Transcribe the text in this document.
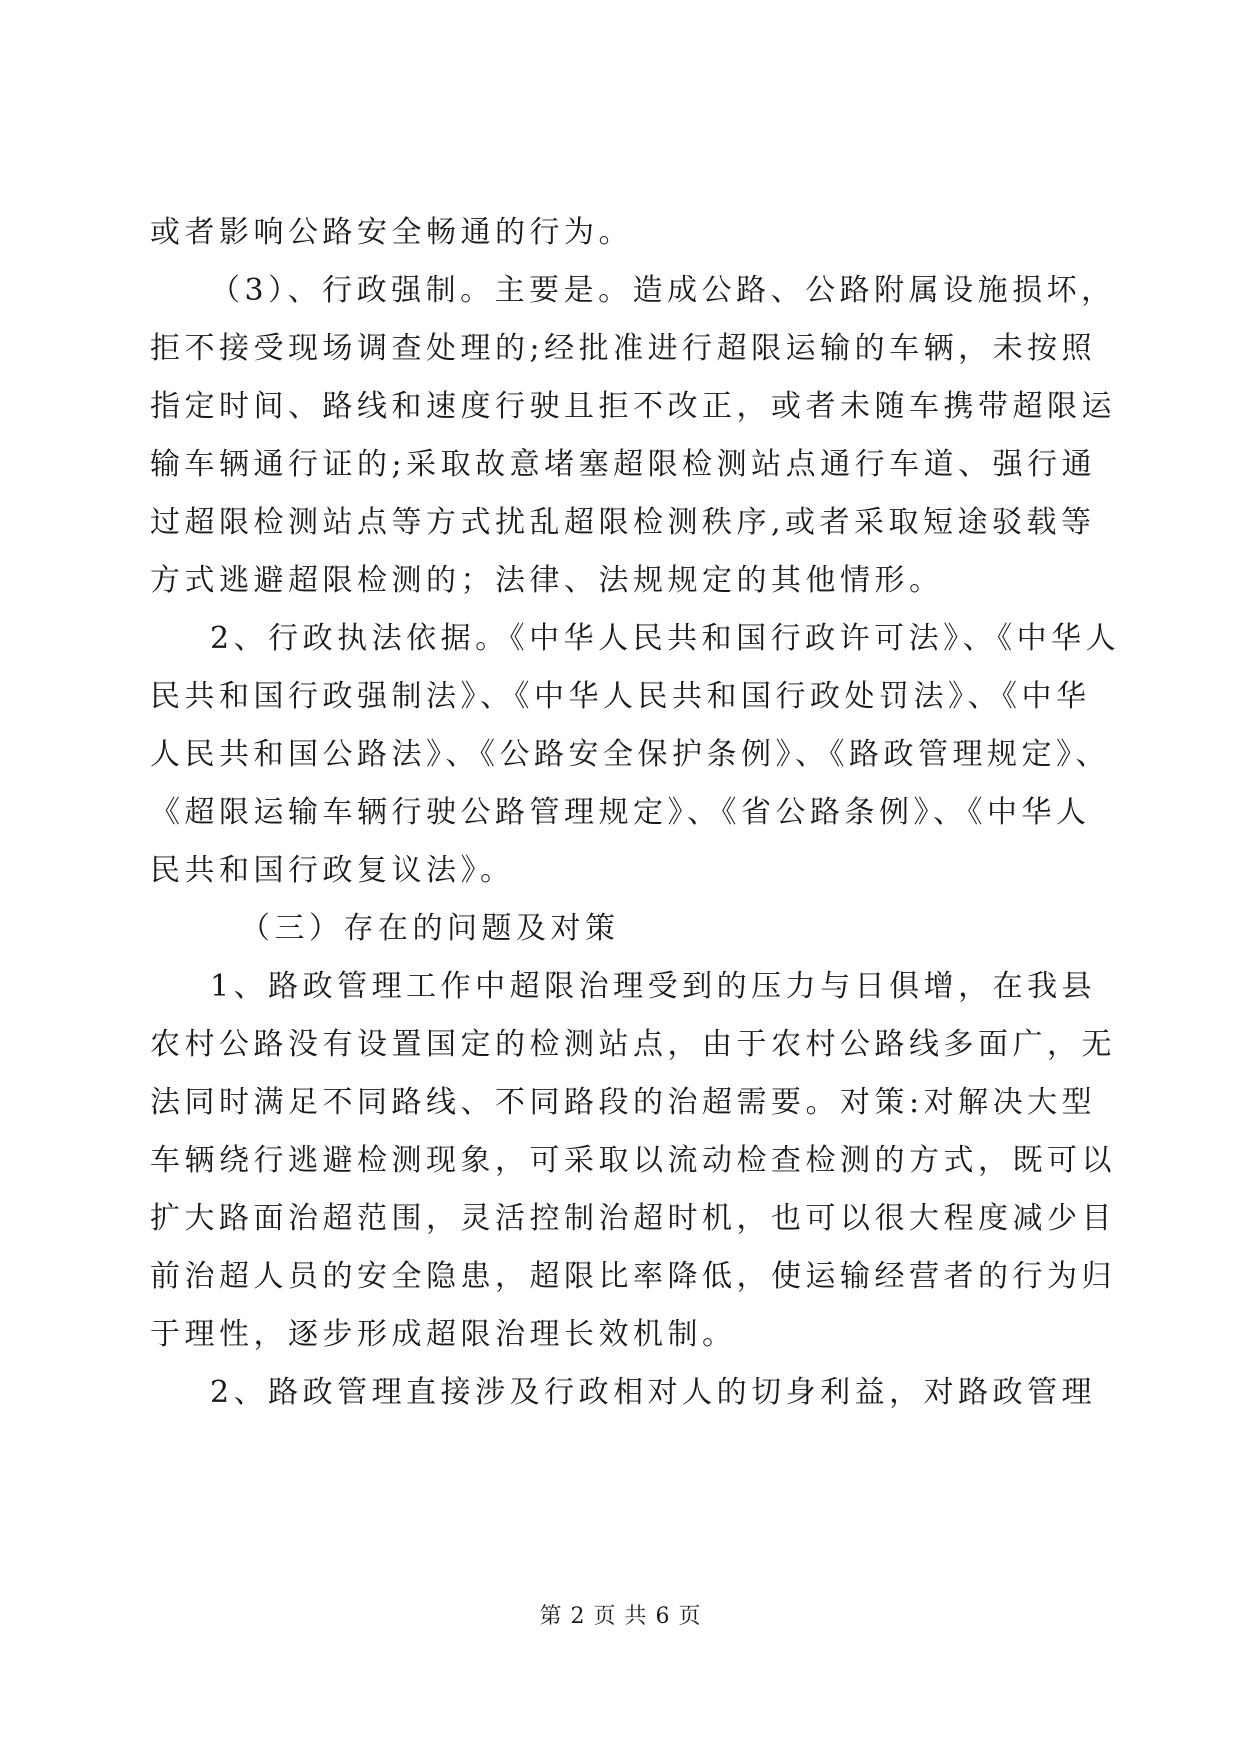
或者影响公路安全畅通的行为。
（3）、行政强制。主要是。造成公路、公路附属设施损坏，
拒不接受现场调查处理的;经批准进行超限运输的车辆，未按照
指定时间、路线和速度行驶且拒不改正，或者未随车携带超限运
输车辆通行证的;采取故意堵塞超限检测站点通行车道、强行通
过超限检测站点等方式扰乱超限检测秩序,或者采取短途驳载等
方式逃避超限检测的；法律、法规规定的其他情形。
2、行政执法依据。《中华人民共和国行政许可法》、《中华人
民共和国行政强制法》、《中华人民共和国行政处罚法》、《中华
人民共和国公路法》、《公路安全保护条例》、《路政管理规定》、
《超限运输车辆行驶公路管理规定》、《省公路条例》、《中华人
民共和国行政复议法》。
（三）存在的问题及对策
1、路政管理工作中超限治理受到的压力与日俱增，在我县
农村公路没有设置国定的检测站点，由于农村公路线多面广，无
法同时满足不同路线、不同路段的治超需要。对策:对解决大型
车辆绕行逃避检测现象，可采取以流动检查检测的方式，既可以
扩大路面治超范围，灵活控制治超时机，也可以很大程度减少目
前治超人员的安全隐患，超限比率降低，使运输经营者的行为归
于理性，逐步形成超限治理长效机制。
2、路政管理直接涉及行政相对人的切身利益，对路政管理
第 2 页 共 6 页
